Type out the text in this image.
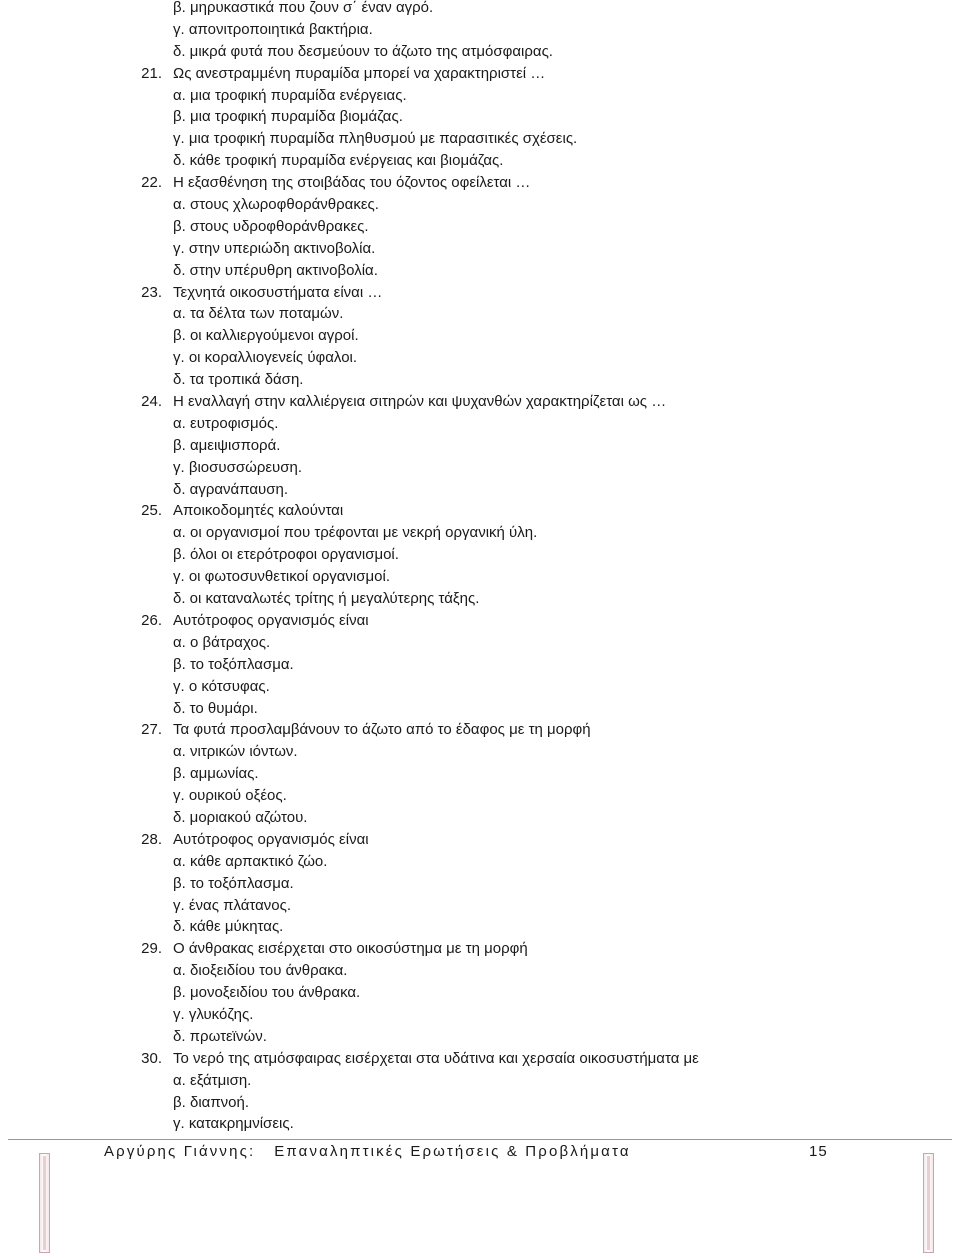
β. μηρυκαστικά που ζουν σ΄ έναν αγρό.
γ. απονιτροποιητικά βακτήρια.
δ. μικρά φυτά που δεσμεύουν το άζωτο της ατμόσφαιρας.
21. Ως ανεστραμμένη πυραμίδα μπορεί να χαρακτηριστεί …
α. μια τροφική πυραμίδα ενέργειας.
β. μια τροφική πυραμίδα βιομάζας.
γ. μια τροφική πυραμίδα πληθυσμού με παρασιτικές σχέσεις.
δ. κάθε τροφική πυραμίδα ενέργειας και βιομάζας.
22. Η εξασθένηση της στοιβάδας του όζοντος οφείλεται …
α. στους χλωροφθοράνθρακες.
β. στους υδροφθοράνθρακες.
γ. στην υπεριώδη ακτινοβολία.
δ. στην υπέρυθρη ακτινοβολία.
23. Τεχνητά οικοσυστήματα είναι …
α. τα δέλτα των ποταμών.
β. οι καλλιεργούμενοι αγροί.
γ. οι κοραλλιογενείς ύφαλοι.
δ. τα τροπικά δάση.
24. Η εναλλαγή στην καλλιέργεια σιτηρών και ψυχανθών χαρακτηρίζεται ως …
α. ευτροφισμός.
β. αμειψισπορά.
γ. βιοσυσσώρευση.
δ. αγρανάπαυση.
25. Αποικοδομητές καλούνται
α. οι οργανισμοί που τρέφονται με νεκρή οργανική ύλη.
β. όλοι οι ετερότροφοι οργανισμοί.
γ. οι φωτοσυνθετικοί οργανισμοί.
δ. οι καταναλωτές τρίτης ή μεγαλύτερης τάξης.
26. Αυτότροφος οργανισμός είναι
α. ο βάτραχος.
β. το τοξόπλασμα.
γ. ο κότσυφας.
δ. το θυμάρι.
27. Τα φυτά προσλαμβάνουν το άζωτο από το έδαφος με τη μορφή
α. νιτρικών ιόντων.
β. αμμωνίας.
γ. ουρικού οξέος.
δ. μοριακού αζώτου.
28. Αυτότροφος οργανισμός είναι
α. κάθε αρπακτικό ζώο.
β. το τοξόπλασμα.
γ. ένας πλάτανος.
δ. κάθε μύκητας.
29. Ο άνθρακας εισέρχεται στο οικοσύστημα με τη μορφή
α. διοξειδίου του άνθρακα.
β. μονοξειδίου του άνθρακα.
γ. γλυκόζης.
δ. πρωτεϊνών.
30. Το νερό της ατμόσφαιρας εισέρχεται στα υδάτινα και χερσαία οικοσυστήματα με
α. εξάτμιση.
β. διαπνοή.
γ. κατακρημνίσεις.
Αργύρης Γιάννης:   Επαναληπτικές Ερωτήσεις & Προβλήματα	15
